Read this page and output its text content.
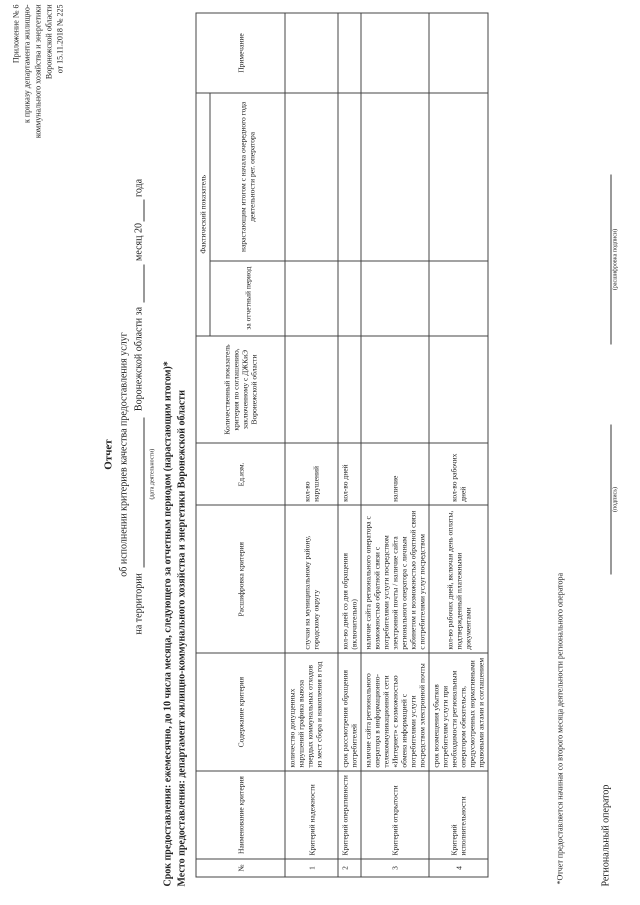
Приложение № 6 к приказу департамента жилищно- коммунального хозяйства и энергетики Воронежской области от 15.11.2018 № 225
Отчет об исполнении критериев качества предоставления услуг
на территорииВоронежской области замесяц 20года
(дата деятельности) Срок предоставления: ежемесячно, до 10 числа месяца, следующего за отчетным периодом (нарастающим итогом)* Место предоставления: департамент жилищно-коммунального хозяйства и энергетики Воронежской области	№	Наименование критерия	Содержание критерия	Расшифровка критерия	Ед.изм.	Количественный показатель критерия по соглашению, заключенному с ДЖКиЭ Воронежской области	Фактический показатель		Примечание
						за отчетный период	нарастающим итогом с начала очередного года деятельности рег. оператора	
1	Критерий надежности	количество допущенных нарушений графика вывоза твердых коммунальных отходов из мест сбора и накопления в год	случаи на муниципальному району, городскому округу	кол-во нарушений				
2	Критерий оперативности	срок рассмотрения обращения потребителей	кол-во дней со дня обращения (включительно)	кол-во дней				
3	Критерий открытости	наличие сайта регионального оператора в информационно-телекоммуникационной сети «Интернет» с возможностью обмена информацией с потребителями услуги посредством электронной почты	наличие сайта регионального оператора с возможностью обратной связи с потребителями услуги посредством электронной почты / наличие сайта регионального оператора с личным кабинетом и возможностью обратной связи с потребителями услуг посредством	наличие				
4	Критерий исполнительности	срок возмещения убытков потребителям услуги при необходимости региональным оператором обязательств, предусмотренных нормативными правовыми актами и соглашением	кол-во рабочих дней, включая день оплаты, подтвержденный платежными документами	кол-во рабочих дней				
*Отчет предоставляется начиная со второго месяца деятельности регионального оператора	Региональный оператор
(подпись)
(расшифровка подписи)
